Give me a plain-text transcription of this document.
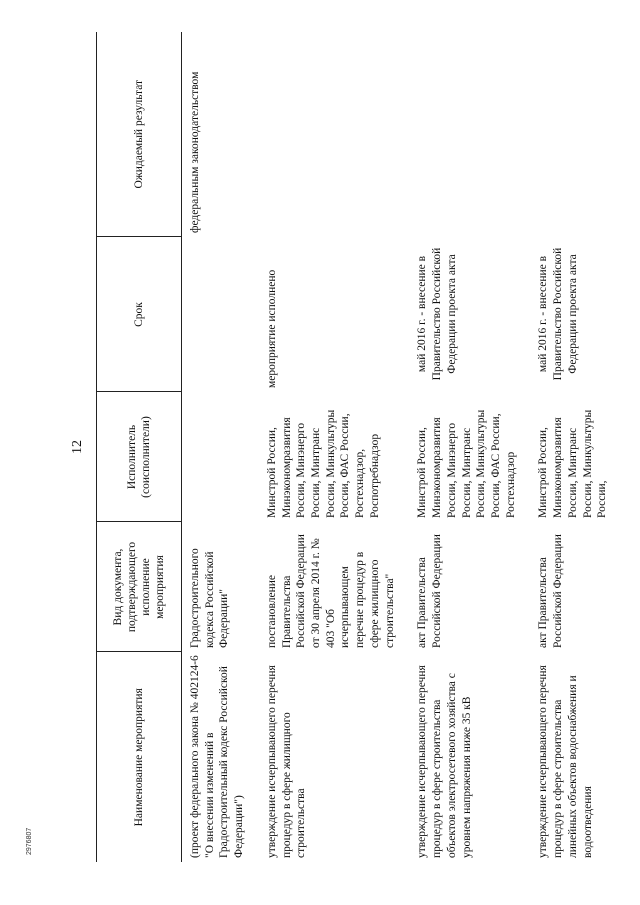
12
Наименование мероприятия	Вид документа, подтверждающего исполнение мероприятия	Исполнитель (соисполнители)	Срок	Ожидаемый результат
(проект федерального закона № 402124-6 "О внесении изменений в Градостроительный кодекс Российской Федерации")	Градостроительного кодекса Российской Федерации"			федеральным законодательством
утверждение исчерпывающего перечня процедур в сфере жилищного строительства	постановление Правительства Российской Федерации от 30 апреля 2014 г. № 403 "Об исчерпывающем перечне процедур в сфере жилищного строительства"	Минстрой России, Минэкономразвития России, Минэнерго России, Минтранс России, Минкультуры России, ФАС России, Ростехнадзор, Роспотребнадзор	мероприятие исполнено	
утверждение исчерпывающего перечня процедур в сфере строительства объектов электросетевого хозяйства с уровнем напряжения ниже 35 кВ	акт Правительства Российской Федерации	Минстрой России, Минэкономразвития России, Минэнерго России, Минтранс России, Минкультуры России, ФАС России, Ростехнадзор	май 2016 г. - внесение в Правительство Российской Федерации проекта акта	
утверждение исчерпывающего перечня процедур в сфере строительства линейных объектов водоснабжения и водоотведения	акт Правительства Российской Федерации	Минстрой России, Минэкономразвития России, Минтранс России, Минкультуры России,	май 2016 г. - внесение в Правительство Российской Федерации проекта акта	
2976807
